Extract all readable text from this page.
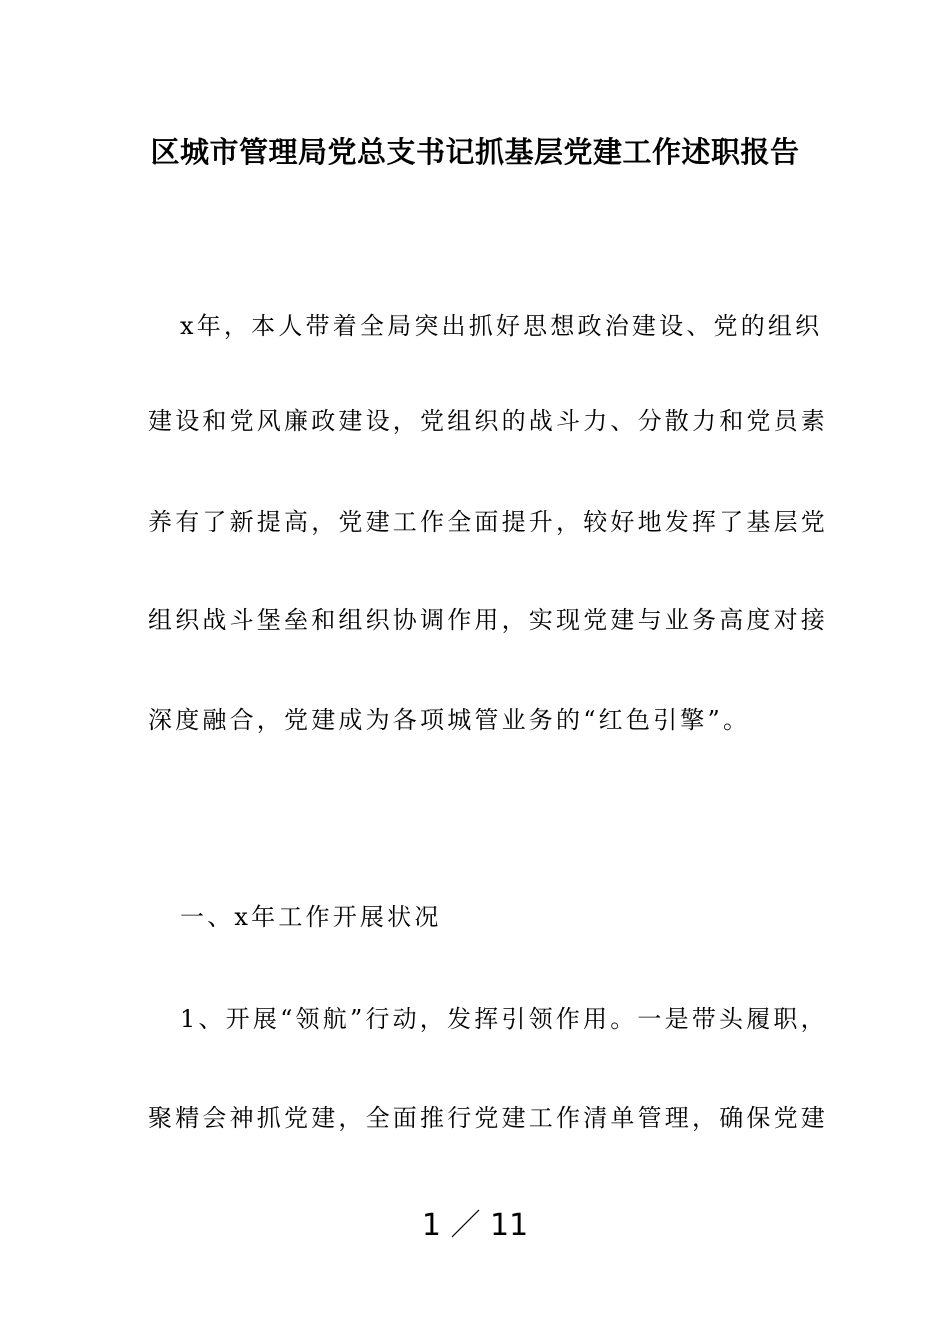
区城市管理局党总支书记抓基层党建工作述职报告
x年，本人带着全局突出抓好思想政治建设、党的组织
建设和党风廉政建设，党组织的战斗力、分散力和党员素
养有了新提高，党建工作全面提升，较好地发挥了基层党
组织战斗堡垒和组织协调作用，实现党建与业务高度对接
深度融合，党建成为各项城管业务的“红色引擎”。
一、x年工作开展状况
1、开展“领航”行动，发挥引领作用。一是带头履职，
聚精会神抓党建，全面推行党建工作清单管理，确保党建
1 ／ 11
